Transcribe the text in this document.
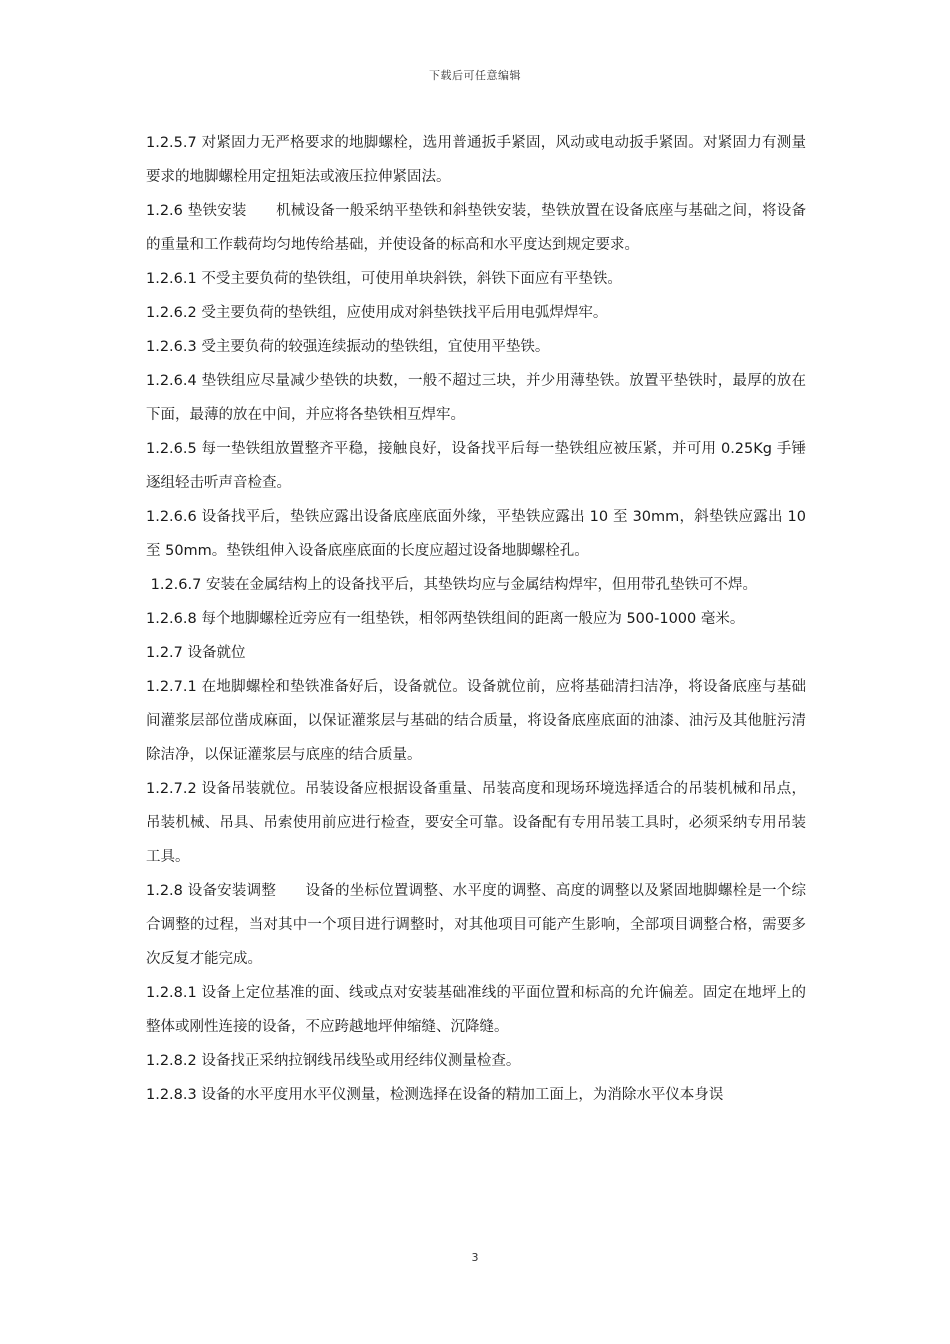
下载后可任意编辑

1.2.5.7 对紧固力无严格要求的地脚螺栓，选用普通扳手紧固，风动或电动扳手紧固。对紧固力有测量要求的地脚螺栓用定扭矩法或液压拉伸紧固法。

1.2.6 垫铁安装　　机械设备一般采纳平垫铁和斜垫铁安装，垫铁放置在设备底座与基础之间，将设备的重量和工作载荷均匀地传给基础，并使设备的标高和水平度达到规定要求。

1.2.6.1 不受主要负荷的垫铁组，可使用单块斜铁，斜铁下面应有平垫铁。

1.2.6.2 受主要负荷的垫铁组，应使用成对斜垫铁找平后用电弧焊焊牢。

1.2.6.3 受主要负荷的较强连续振动的垫铁组，宜使用平垫铁。

1.2.6.4 垫铁组应尽量减少垫铁的块数，一般不超过三块，并少用薄垫铁。放置平垫铁时，最厚的放在下面，最薄的放在中间，并应将各垫铁相互焊牢。

1.2.6.5 每一垫铁组放置整齐平稳，接触良好，设备找平后每一垫铁组应被压紧，并可用 0.25Kg 手锤逐组轻击听声音检查。

1.2.6.6 设备找平后，垫铁应露出设备底座底面外缘，平垫铁应露出 10 至 30mm，斜垫铁应露出 10 至 50mm。垫铁组伸入设备底座底面的长度应超过设备地脚螺栓孔。

1.2.6.7 安装在金属结构上的设备找平后，其垫铁均应与金属结构焊牢，但用带孔垫铁可不焊。

1.2.6.8 每个地脚螺栓近旁应有一组垫铁，相邻两垫铁组间的距离一般应为 500-1000 毫米。

1.2.7 设备就位

1.2.7.1 在地脚螺栓和垫铁准备好后，设备就位。设备就位前，应将基础清扫洁净，将设备底座与基础间灌浆层部位凿成麻面，以保证灌浆层与基础的结合质量，将设备底座底面的油漆、油污及其他脏污清除洁净，以保证灌浆层与底座的结合质量。

1.2.7.2 设备吊装就位。吊装设备应根据设备重量、吊装高度和现场环境选择适合的吊装机械和吊点，吊装机械、吊具、吊索使用前应进行检查，要安全可靠。设备配有专用吊装工具时，必须采纳专用吊装工具。

1.2.8 设备安装调整　　设备的坐标位置调整、水平度的调整、高度的调整以及紧固地脚螺栓是一个综合调整的过程，当对其中一个项目进行调整时，对其他项目可能产生影响，全部项目调整合格，需要多次反复才能完成。

1.2.8.1 设备上定位基准的面、线或点对安装基础准线的平面位置和标高的允许偏差。固定在地坪上的整体或刚性连接的设备，不应跨越地坪伸缩缝、沉降缝。

1.2.8.2 设备找正采纳拉钢线吊线坠或用经纬仪测量检查。

1.2.8.3 设备的水平度用水平仪测量，检测选择在设备的精加工面上，为消除水平仪本身误

3
